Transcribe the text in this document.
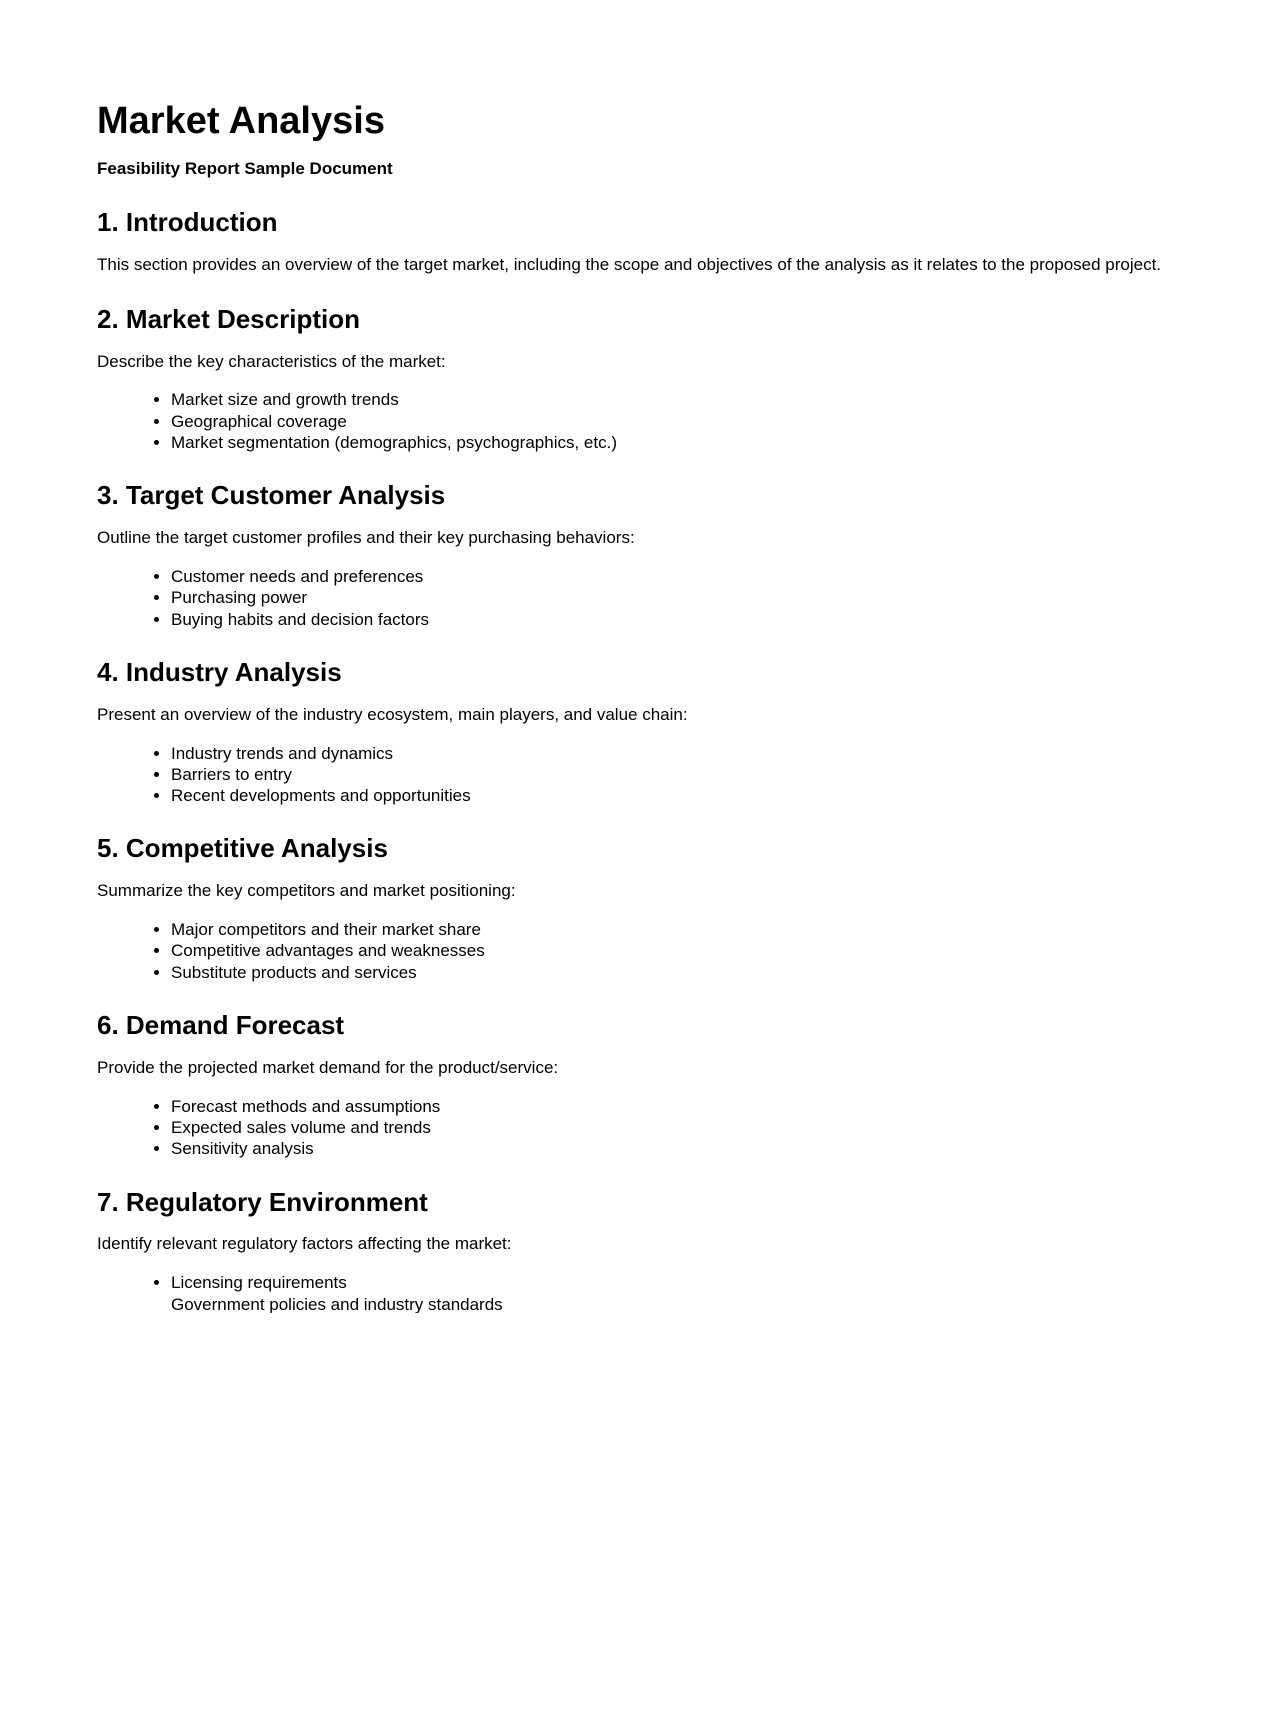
Market Analysis

Feasibility Report Sample Document

1. Introduction

This section provides an overview of the target market, including the scope and objectives of the analysis as it relates to the proposed project.

2. Market Description

Describe the key characteristics of the market:

• Market size and growth trends
• Geographical coverage
• Market segmentation (demographics, psychographics, etc.)
3. Target Customer Analysis

Outline the target customer profiles and their key purchasing behaviors:

• Customer needs and preferences
• Purchasing power
• Buying habits and decision factors
4. Industry Analysis

Present an overview of the industry ecosystem, main players, and value chain:

• Industry trends and dynamics
• Barriers to entry
• Recent developments and opportunities
5. Competitive Analysis

Summarize the key competitors and market positioning:

• Major competitors and their market share
• Competitive advantages and weaknesses
• Substitute products and services
6. Demand Forecast

Provide the projected market demand for the product/service:

• Forecast methods and assumptions
• Expected sales volume and trends
• Sensitivity analysis
7. Regulatory Environment

Identify relevant regulatory factors affecting the market:

• Licensing requirements
• Government policies and industry standards
